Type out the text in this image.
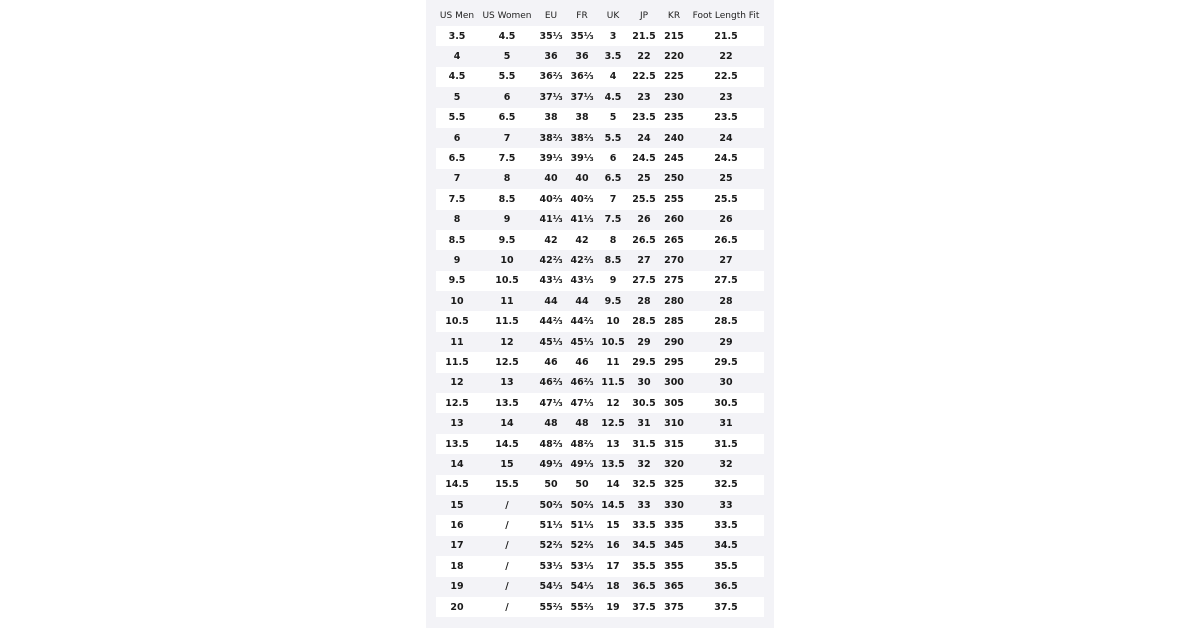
US Men	US Women	EU	FR	UK	JP	KR	Foot Length Fit
3.5	4.5	35⅓	35⅓	3	21.5	215	21.5
4	5	36	36	3.5	22	220	22
4.5	5.5	36⅔	36⅔	4	22.5	225	22.5
5	6	37⅓	37⅓	4.5	23	230	23
5.5	6.5	38	38	5	23.5	235	23.5
6	7	38⅔	38⅔	5.5	24	240	24
6.5	7.5	39⅓	39⅓	6	24.5	245	24.5
7	8	40	40	6.5	25	250	25
7.5	8.5	40⅔	40⅔	7	25.5	255	25.5
8	9	41⅓	41⅓	7.5	26	260	26
8.5	9.5	42	42	8	26.5	265	26.5
9	10	42⅔	42⅔	8.5	27	270	27
9.5	10.5	43⅓	43⅓	9	27.5	275	27.5
10	11	44	44	9.5	28	280	28
10.5	11.5	44⅔	44⅔	10	28.5	285	28.5
11	12	45⅓	45⅓	10.5	29	290	29
11.5	12.5	46	46	11	29.5	295	29.5
12	13	46⅔	46⅔	11.5	30	300	30
12.5	13.5	47⅓	47⅓	12	30.5	305	30.5
13	14	48	48	12.5	31	310	31
13.5	14.5	48⅔	48⅔	13	31.5	315	31.5
14	15	49⅓	49⅓	13.5	32	320	32
14.5	15.5	50	50	14	32.5	325	32.5
15	/	50⅔	50⅔	14.5	33	330	33
16	/	51⅓	51⅓	15	33.5	335	33.5
17	/	52⅔	52⅔	16	34.5	345	34.5
18	/	53⅓	53⅓	17	35.5	355	35.5
19	/	54⅓	54⅓	18	36.5	365	36.5
20	/	55⅔	55⅔	19	37.5	375	37.5
